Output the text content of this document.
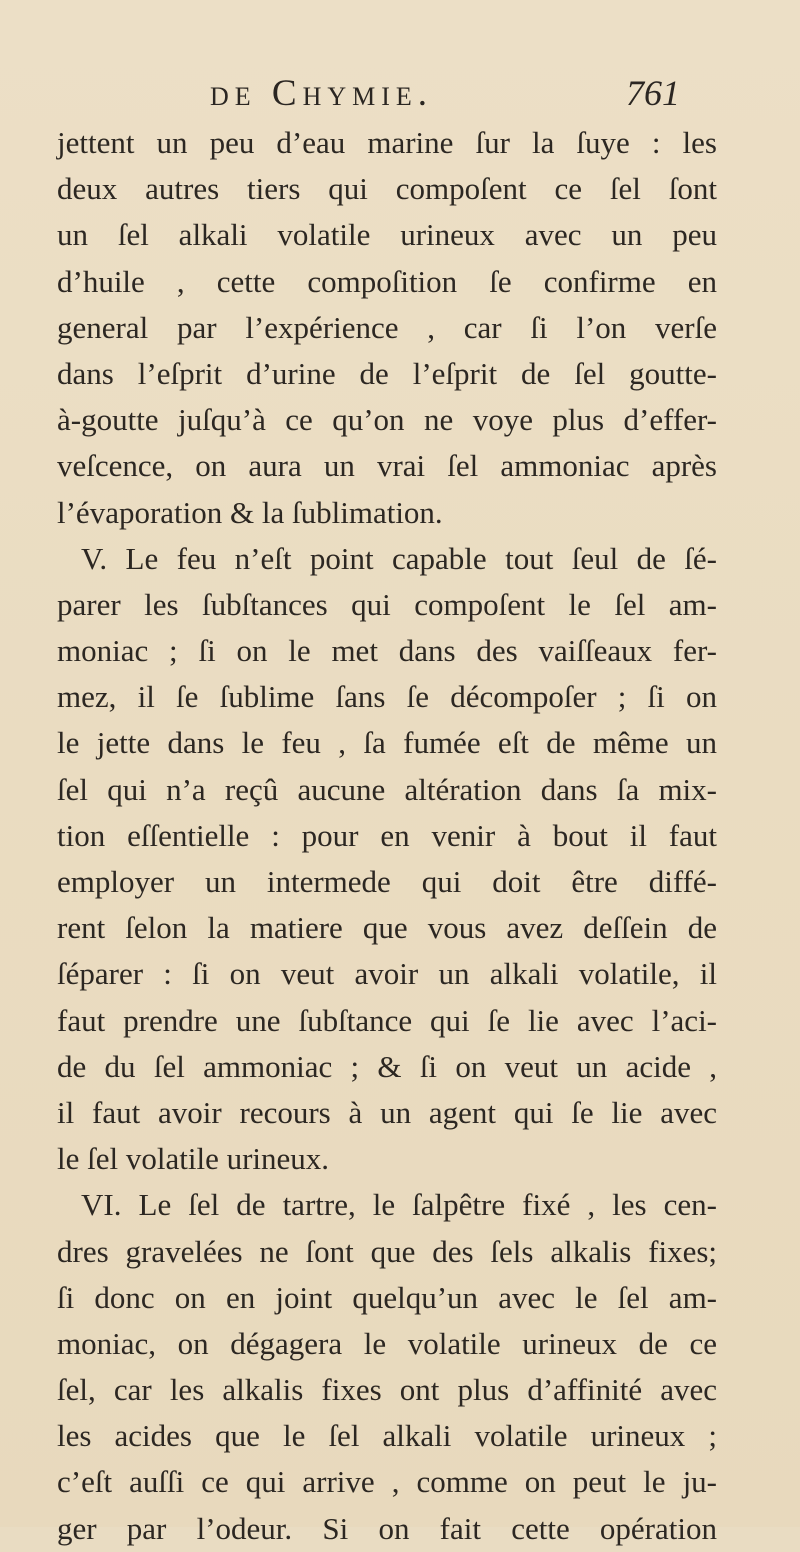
de Chymie.	761
jettent un peu d’eau marine ſur la ſuye : les
deux autres tiers qui compoſent ce ſel ſont
un ſel alkali volatile urineux avec un peu
d’huile , cette compoſition ſe confirme en
general par l’expérience , car ſi l’on verſe
dans l’eſprit d’urine de l’eſprit de ſel goutte-
à-goutte juſqu’à ce qu’on ne voye plus d’effer-
veſcence, on aura un vrai ſel ammoniac après
l’évaporation & la ſublimation.
V. Le feu n’eſt point capable tout ſeul de ſé-
parer les ſubſtances qui compoſent le ſel am-
moniac ; ſi on le met dans des vaiſſeaux fer-
mez, il ſe ſublime ſans ſe décompoſer ; ſi on
le jette dans le feu , ſa fumée eſt de même un
ſel qui n’a reçû aucune altération dans ſa mix-
tion eſſentielle : pour en venir à bout il faut
employer un intermede qui doit être diffé-
rent ſelon la matiere que vous avez deſſein de
ſéparer : ſi on veut avoir un alkali volatile, il
faut prendre une ſubſtance qui ſe lie avec l’aci-
de du ſel ammoniac ; & ſi on veut un acide ,
il faut avoir recours à un agent qui ſe lie avec
le ſel volatile urineux.
VI. Le ſel de tartre, le ſalpêtre fixé , les cen-
dres gravelées ne ſont que des ſels alkalis fixes;
ſi donc on en joint quelqu’un avec le ſel am-
moniac, on dégagera le volatile urineux de ce
ſel, car les alkalis fixes ont plus d’affinité avec
les acides que le ſel alkali volatile urineux ;
c’eſt auſſi ce qui arrive , comme on peut le ju-
ger par l’odeur. Si on fait cette opération
